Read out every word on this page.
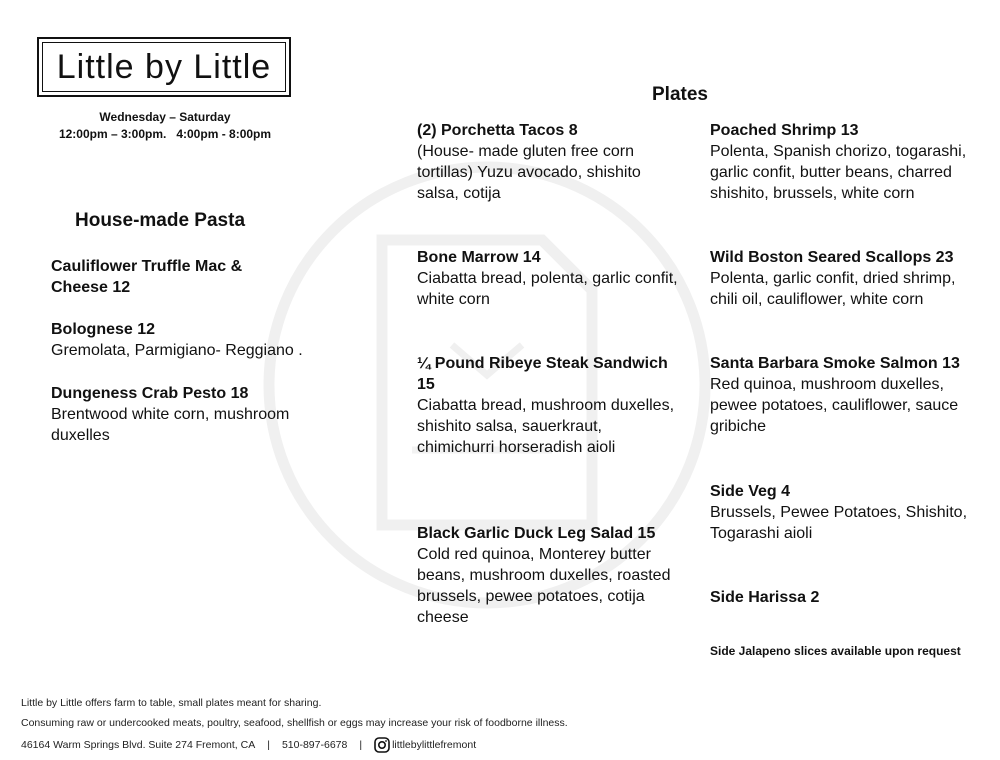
Little by Little
Wednesday – Saturday
12:00pm – 3:00pm.   4:00pm - 8:00pm
House-made Pasta
Cauliflower Truffle Mac & Cheese 12
Bolognese 12
Gremolata, Parmigiano- Reggiano .
Dungeness Crab Pesto 18
Brentwood white corn, mushroom duxelles
Plates
(2) Porchetta Tacos 8
(House- made gluten free corn tortillas) Yuzu avocado, shishito salsa, cotija
Bone Marrow 14
Ciabatta bread, polenta, garlic confit, white corn
¼ Pound Ribeye Steak Sandwich 15
Ciabatta bread, mushroom duxelles, shishito salsa, sauerkraut, chimichurri horseradish aioli
Black Garlic Duck Leg Salad 15
Cold red quinoa, Monterey butter beans, mushroom duxelles, roasted brussels, pewee potatoes, cotija cheese
Poached Shrimp 13
Polenta, Spanish chorizo, togarashi, garlic confit, butter beans, charred shishito, brussels, white corn
Wild Boston Seared Scallops 23
Polenta, garlic confit, dried shrimp, chili oil, cauliflower, white corn
Santa Barbara Smoke Salmon 13
Red quinoa, mushroom duxelles, pewee potatoes, cauliflower, sauce gribiche
Side Veg 4
Brussels, Pewee Potatoes, Shishito, Togarashi aioli
Side Harissa 2
Side Jalapeno slices available upon request
Little by Little offers farm to table, small plates meant for sharing.
Consuming raw or undercooked meats, poultry, seafood, shellfish or eggs may increase your risk of foodborne illness.
46164 Warm Springs Blvd. Suite 274 Fremont, CA | 510-897-6678 |	littlebylittlefremont
